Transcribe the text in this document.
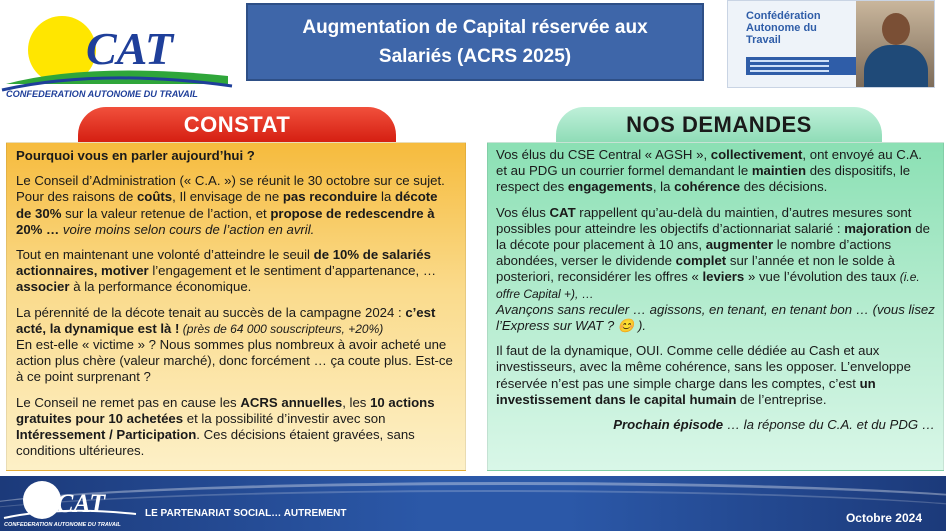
CAT
CONFEDERATION AUTONOME DU TRAVAIL
Augmentation de Capital réservée aux
Salariés (ACRS 2025)
Confédération
Autonome du
Travail
CONSTAT	NOS DEMANDES

Pourquoi vous en parler aujourd’hui ?

Le Conseil d’Administration (« C.A. ») se réunit le 30 octobre sur ce sujet. Pour des raisons de coûts, Il envisage de ne pas reconduire la décote de 30% sur la valeur retenue de l’action, et propose de redescendre à 20% … voire moins selon cours de l’action en avril.

Tout en maintenant une volonté d’atteindre le seuil de 10% de salariés actionnaires, motiver l’engagement et le sentiment d’appartenance, … associer à la performance économique.

La pérennité de la décote tenait au succès de la campagne 2024 : c’est acté, la dynamique est là ! (près de 64 000 souscripteurs, +20%)

En est-elle « victime » ? Nous sommes plus nombreux à avoir acheté une action plus chère (valeur marché), donc forcément … ça coute plus. Est-ce à ce point surprenant ?

Le Conseil ne remet pas en cause les ACRS annuelles, les 10 actions gratuites pour 10 achetées et la possibilité d’investir avec son Intéressement / Participation. Ces décisions étaient gravées, sans conditions ultérieures.

Vos élus du CSE Central « AGSH », collectivement, ont envoyé au C.A. et au PDG un courrier formel demandant le maintien des dispositifs, le respect des engagements, la cohérence des décisions.

Vos élus CAT rappellent qu’au-delà du maintien, d’autres mesures sont possibles pour atteindre les objectifs d’actionnariat salarié : majoration de la décote pour placement à 10 ans, augmenter le nombre d’actions abondées, verser le dividende complet sur l’année et non le solde à posteriori, reconsidérer les offres « leviers » vue l’évolution des taux (i.e. offre Capital +), …

Avançons sans reculer … agissons, en tenant, en tenant bon … (vous lisez l’Express sur WAT ? 😊 ).

Il faut de la dynamique, OUI. Comme celle dédiée au Cash et aux investisseurs, avec la même cohérence, sans les opposer. L’enveloppe réservée n’est pas une simple charge dans les comptes, c’est un investissement dans le capital humain de l’entreprise.

Prochain épisode … la réponse du C.A. et du PDG …

CAT
CONFEDERATION AUTONOME DU TRAVAIL
LE PARTENARIAT SOCIAL… AUTREMENT	Octobre 2024
